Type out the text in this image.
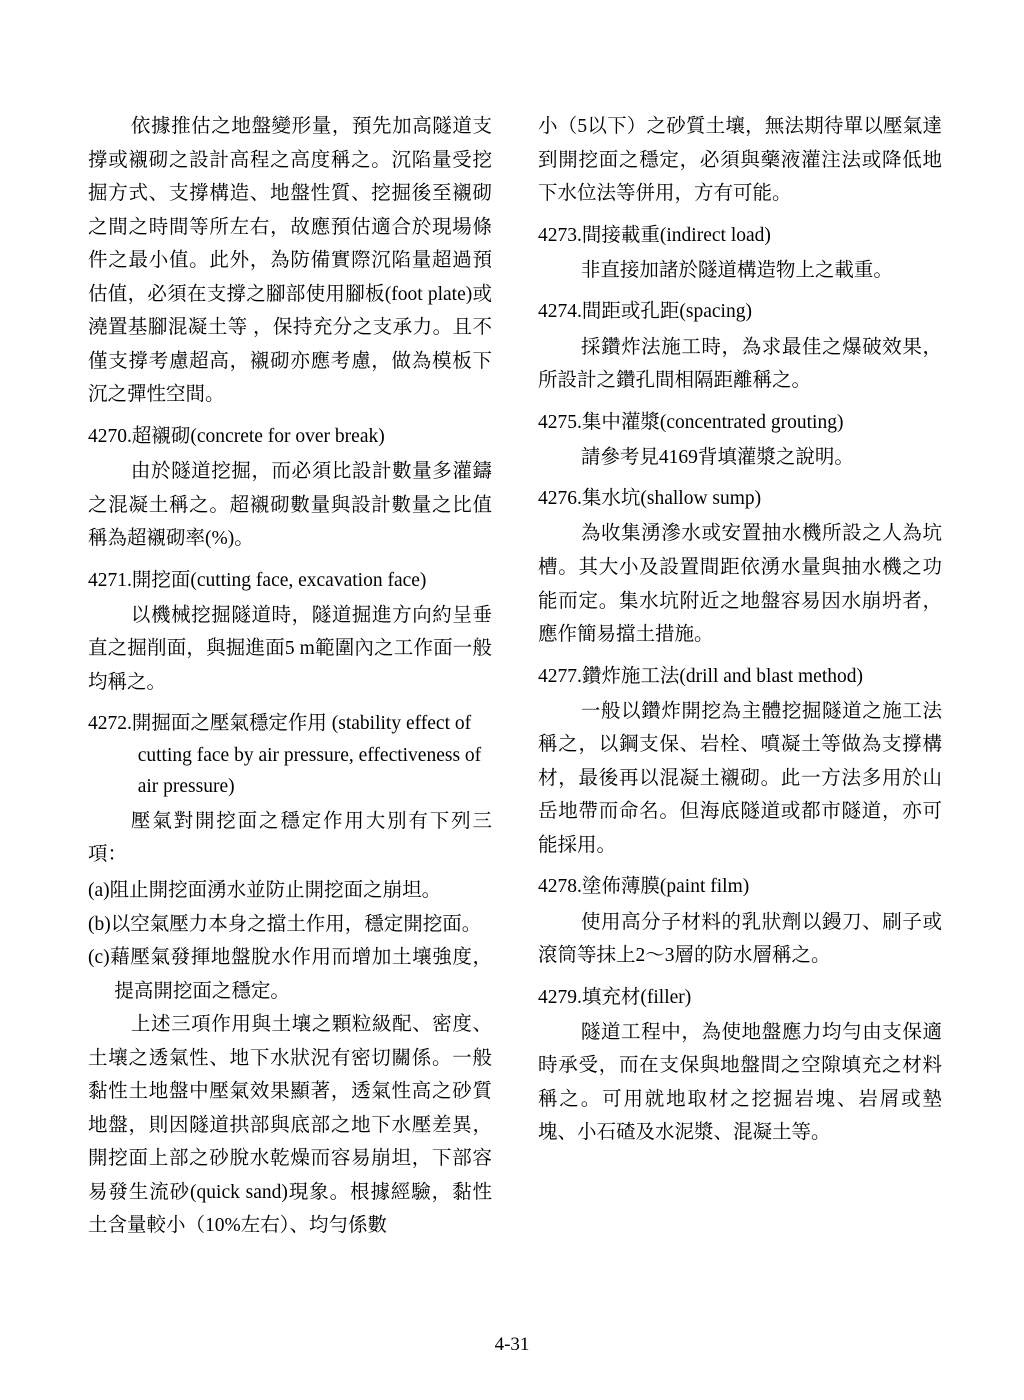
依據推估之地盤變形量，預先加高隧道支撐或襯砌之設計高程之高度稱之。沉陷量受挖掘方式、支撐構造、地盤性質、挖掘後至襯砌之間之時間等所左右，故應預估適合於現場條件之最小值。此外，為防備實際沉陷量超過預估值，必須在支撐之腳部使用腳板(foot plate)或澆置基腳混凝土等 ，保持充分之支承力。且不僅支撐考慮超高，襯砌亦應考慮，做為模板下沉之彈性空間。

4270.超襯砌(concrete for over break)

由於隧道挖掘，而必須比設計數量多灌鑄之混凝土稱之。超襯砌數量與設計數量之比值稱為超襯砌率(%)。

4271.開挖面(cutting face, excavation face)

以機械挖掘隧道時，隧道掘進方向約呈垂直之掘削面，與掘進面5 m範圍內之工作面一般均稱之。

4272.開掘面之壓氣穩定作用 (stability effect of cutting face by air pressure, effectiveness of air pressure)

壓氣對開挖面之穩定作用大別有下列三項：

(a)阻止開挖面湧水並防止開挖面之崩坦。

(b)以空氣壓力本身之擋土作用，穩定開挖面。

(c)藉壓氣發揮地盤脫水作用而增加土壤強度，提高開挖面之穩定。

上述三項作用與土壤之顆粒級配、密度、土壤之透氣性、地下水狀況有密切關係。一般黏性土地盤中壓氣效果顯著，透氣性高之砂質地盤，則因隧道拱部與底部之地下水壓差異，開挖面上部之砂脫水乾燥而容易崩坦，下部容易發生流砂(quick sand)現象。根據經驗，黏性土含量較小（10%左右）、均勻係數

小（5以下）之砂質土壤，無法期待單以壓氣達到開挖面之穩定，必須與藥液灌注法或降低地下水位法等併用，方有可能。

4273.間接載重(indirect load)

非直接加諸於隧道構造物上之載重。

4274.間距或孔距(spacing)

採鑽炸法施工時，為求最佳之爆破效果，所設計之鑽孔間相隔距離稱之。

4275.集中灌漿(concentrated grouting)

請參考見4169背填灌漿之說明。

4276.集水坑(shallow sump)

為收集湧滲水或安置抽水機所設之人為坑槽。其大小及設置間距依湧水量與抽水機之功能而定。集水坑附近之地盤容易因水崩坍者，應作簡易擋土措施。

4277.鑽炸施工法(drill and blast method)

一般以鑽炸開挖為主體挖掘隧道之施工法稱之，以鋼支保、岩栓、噴凝土等做為支撐構材，最後再以混凝土襯砌。此一方法多用於山岳地帶而命名。但海底隧道或都市隧道，亦可能採用。

4278.塗佈薄膜(paint film)

使用高分子材料的乳狀劑以鏝刀、刷子或滾筒等抹上2～3層的防水層稱之。

4279.填充材(filler)

隧道工程中，為使地盤應力均勻由支保適時承受，而在支保與地盤間之空隙填充之材料稱之。可用就地取材之挖掘岩塊、岩屑或墊塊、小石碴及水泥漿、混凝土等。

4-31
